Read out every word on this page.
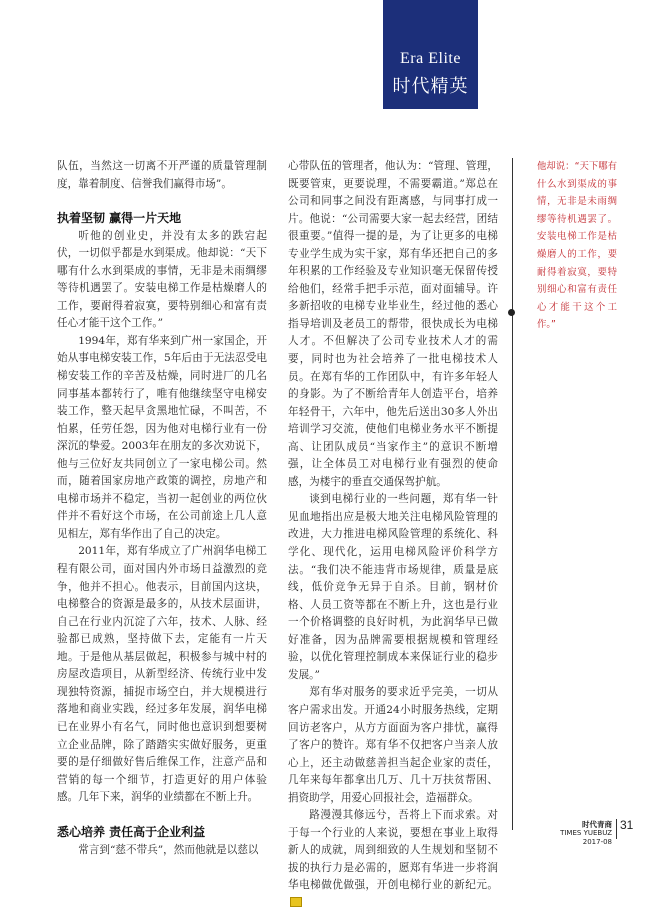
Era Elite
时代精英

队伍，当然这一切离不开严谨的质量管理制度，靠着制度、信誉我们赢得市场”。

执着坚韧 赢得一片天地

听他的创业史，并没有太多的跌宕起伏，一切似乎都是水到渠成。他却说：“天下哪有什么水到渠成的事情，无非是未雨绸缪等待机遇罢了。安装电梯工作是枯燥磨人的工作，要耐得着寂寞，要特别细心和富有责任心才能干这个工作。”

1994年，郑有华来到广州一家国企，开始从事电梯安装工作，5年后由于无法忍受电梯安装工作的辛苦及枯燥，同时进厂的几名同事基本都转行了，唯有他继续坚守电梯安装工作，整天起早贪黑地忙碌，不叫苦，不怕累，任劳任怨，因为他对电梯行业有一份深沉的挚爱。2003年在朋友的多次劝说下，他与三位好友共同创立了一家电梯公司。然而，随着国家房地产政策的调控，房地产和电梯市场并不稳定，当初一起创业的两位伙伴并不看好这个市场，在公司前途上几人意见相左，郑有华作出了自己的决定。

2011年，郑有华成立了广州润华电梯工程有限公司，面对国内外市场日益激烈的竞争，他并不担心。他表示，目前国内这块，电梯整合的资源是最多的，从技术层面讲，自己在行业内沉淀了六年，技术、人脉、经验都已成熟，坚持做下去，定能有一片天地。于是他从基层做起，积极参与城中村的房屋改造项目，从新型经济、传统行业中发现独特资源，捕捉市场空白，并大规模进行落地和商业实践，经过多年发展，润华电梯已在业界小有名气，同时他也意识到想要树立企业品牌，除了踏踏实实做好服务，更重要的是仔细做好售后维保工作，注意产品和营销的每一个细节，打造更好的用户体验感。几年下来，润华的业绩都在不断上升。

悉心培养 责任高于企业利益

常言到“慈不带兵”，然而他就是以慈以

心带队伍的管理者，他认为：“管理、管理，既要管束，更要说理，不需要霸道。”郑总在公司和同事之间没有距离感，与同事打成一片。他说：“公司需要大家一起去经营，团结很重要。”值得一提的是，为了让更多的电梯专业学生成为实干家，郑有华还把自己的多年积累的工作经验及专业知识毫无保留传授给他们，经常手把手示范，面对面辅导。许多新招收的电梯专业毕业生，经过他的悉心指导培训及老员工的帮带，很快成长为电梯人才。不但解决了公司专业技术人才的需要，同时也为社会培养了一批电梯技术人员。在郑有华的工作团队中，有许多年轻人的身影。为了不断给青年人创造平台，培养年轻骨干，六年中，他先后送出30多人外出培训学习交流，使他们电梯业务水平不断提高、让团队成员“当家作主”的意识不断增强，让全体员工对电梯行业有强烈的使命感，为楼宇的垂直交通保驾护航。

谈到电梯行业的一些问题，郑有华一针见血地指出应是极大地关注电梯风险管理的改进，大力推进电梯风险管理的系统化、科学化、现代化，运用电梯风险评价科学方法。“我们决不能违背市场规律，质量是底线，低价竞争无异于自杀。目前，钢材价格、人员工资等都在不断上升，这也是行业一个价格调整的良好时机，为此润华早已做好准备，因为品牌需要根据规模和管理经验，以优化管理控制成本来保证行业的稳步发展。”

郑有华对服务的要求近乎完美，一切从客户需求出发。开通24小时服务热线，定期回访老客户，从方方面面为客户排忧，赢得了客户的赞许。郑有华不仅把客户当亲人放心上，还主动做慈善担当起企业家的责任，几年来每年都拿出几万、几十万扶贫帮困、捐资助学，用爱心回报社会，造福群众。

路漫漫其修远兮，吾将上下而求索。对于每一个行业的人来说，要想在事业上取得新人的成就，周到细致的人生规划和坚韧不拔的执行力是必需的，愿郑有华进一步将润华电梯做优做强，开创电梯行业的新纪元。

他却说：“天下哪有什么水到渠成的事情，无非是未雨绸缪等待机遇罢了。安装电梯工作是枯燥磨人的工作，要耐得着寂寞，要特别细心和富有责任心才能干这个工作。”
时代青商
TIMES YUEBUZ 2017-08
31
